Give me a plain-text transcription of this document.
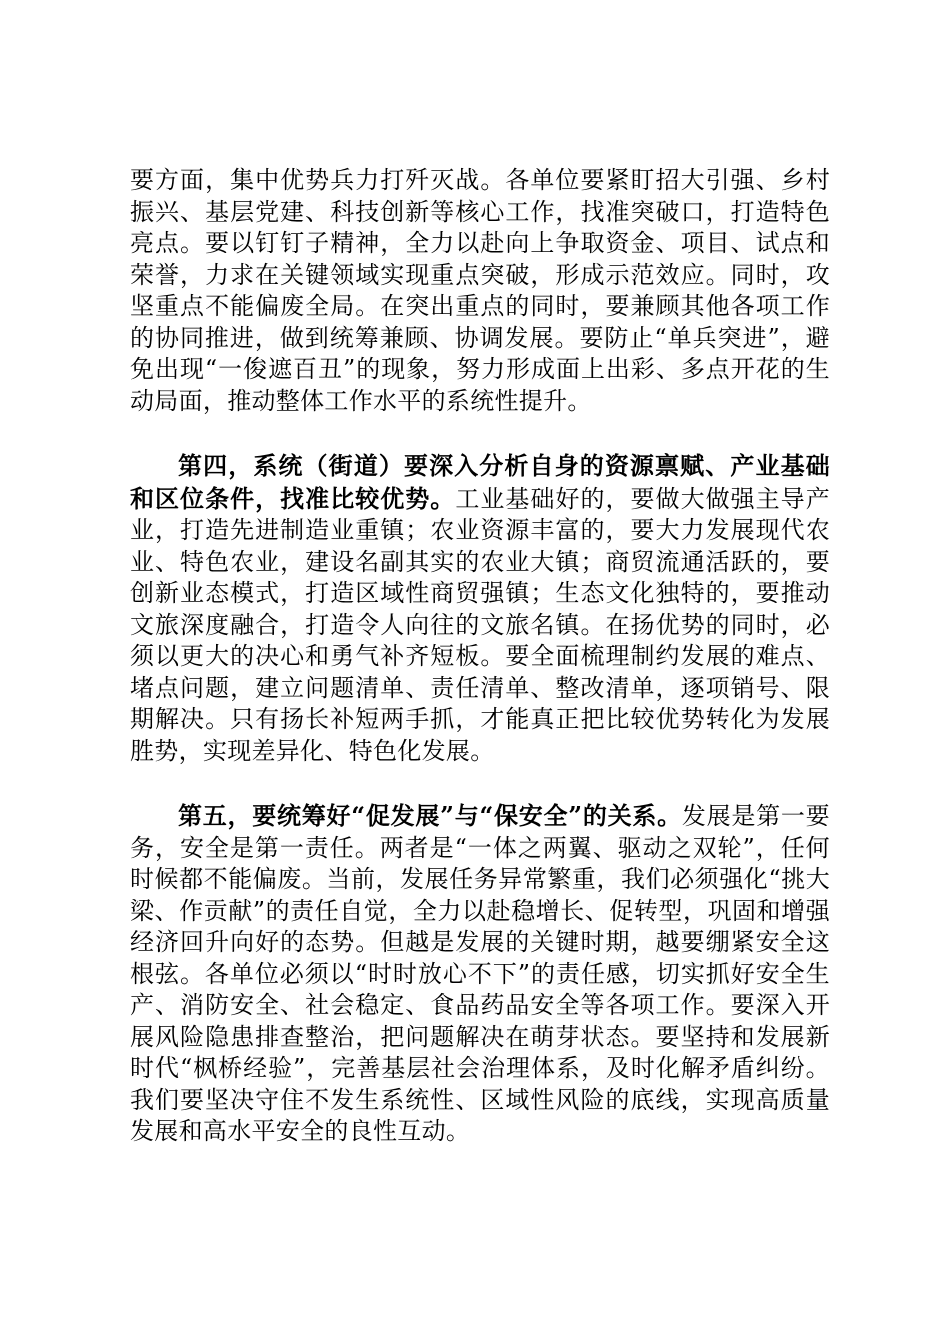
要方面，集中优势兵力打歼灭战。各单位要紧盯招大引强、乡村振兴、基层党建、科技创新等核心工作，找准突破口，打造特色亮点。要以钉钉子精神，全力以赴向上争取资金、项目、试点和荣誉，力求在关键领域实现重点突破，形成示范效应。同时，攻坚重点不能偏废全局。在突出重点的同时，要兼顾其他各项工作的协同推进，做到统筹兼顾、协调发展。要防止“单兵突进”，避免出现“一俊遮百丑”的现象，努力形成面上出彩、多点开花的生动局面，推动整体工作水平的系统性提升。

第四，系统（街道）要深入分析自身的资源禀赋、产业基础和区位条件，找准比较优势。工业基础好的，要做大做强主导产业，打造先进制造业重镇；农业资源丰富的，要大力发展现代农业、特色农业，建设名副其实的农业大镇；商贸流通活跃的，要创新业态模式，打造区域性商贸强镇；生态文化独特的，要推动文旅深度融合，打造令人向往的文旅名镇。在扬优势的同时，必须以更大的决心和勇气补齐短板。要全面梳理制约发展的难点、堵点问题，建立问题清单、责任清单、整改清单，逐项销号、限期解决。只有扬长补短两手抓，才能真正把比较优势转化为发展胜势，实现差异化、特色化发展。

第五，要统筹好“促发展”与“保安全”的关系。发展是第一要务，安全是第一责任。两者是“一体之两翼、驱动之双轮”，任何时候都不能偏废。当前，发展任务异常繁重，我们必须强化“挑大梁、作贡献”的责任自觉，全力以赴稳增长、促转型，巩固和增强经济回升向好的态势。但越是发展的关键时期，越要绷紧安全这根弦。各单位必须以“时时放心不下”的责任感，切实抓好安全生产、消防安全、社会稳定、食品药品安全等各项工作。要深入开展风险隐患排查整治，把问题解决在萌芽状态。要坚持和发展新时代“枫桥经验”，完善基层社会治理体系，及时化解矛盾纠纷。我们要坚决守住不发生系统性、区域性风险的底线，实现高质量发展和高水平安全的良性互动。
